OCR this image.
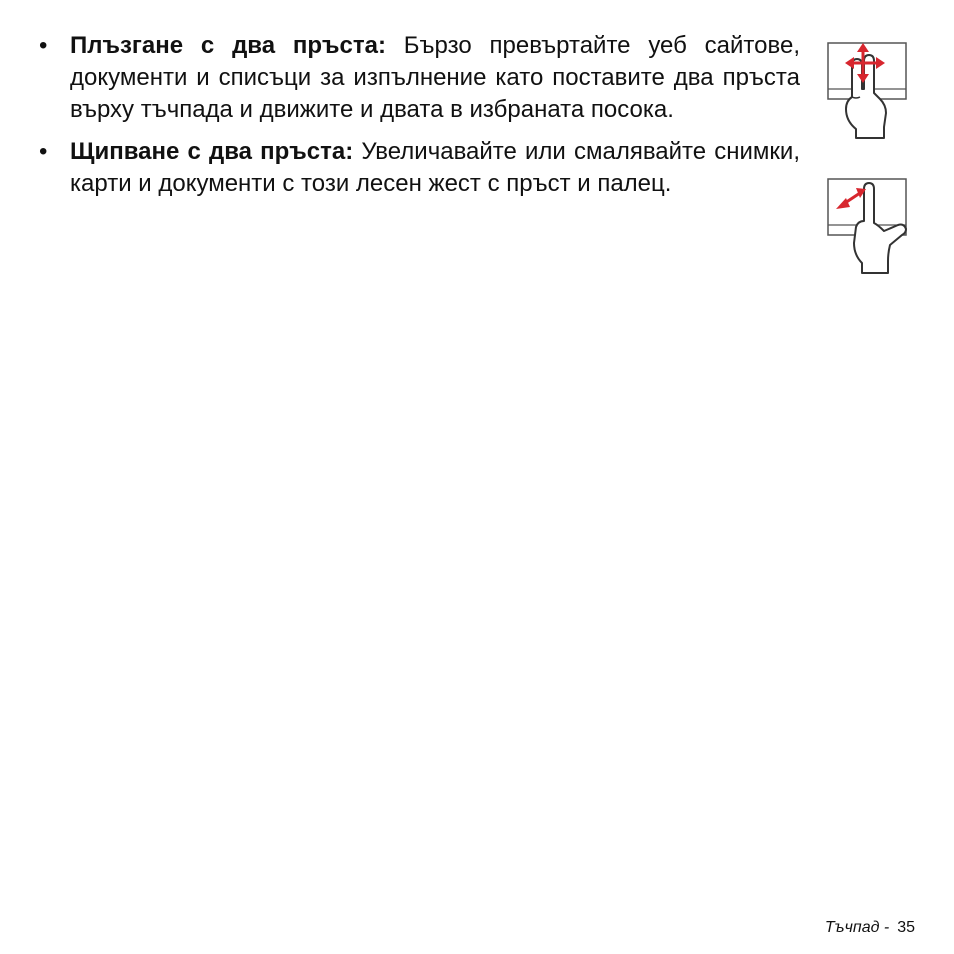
• Плъзгане с два пръста: Бързо превъртайте уеб сайтове, документи и списъци за изпълнение като поставите два пръста върху тъчпада и движите и двата в избраната посока.

• Щипване с два пръста: Увеличавайте или смалявайте снимки, карти и документи с този лесен жест с пръст и палец.

Тъчпад - 35
